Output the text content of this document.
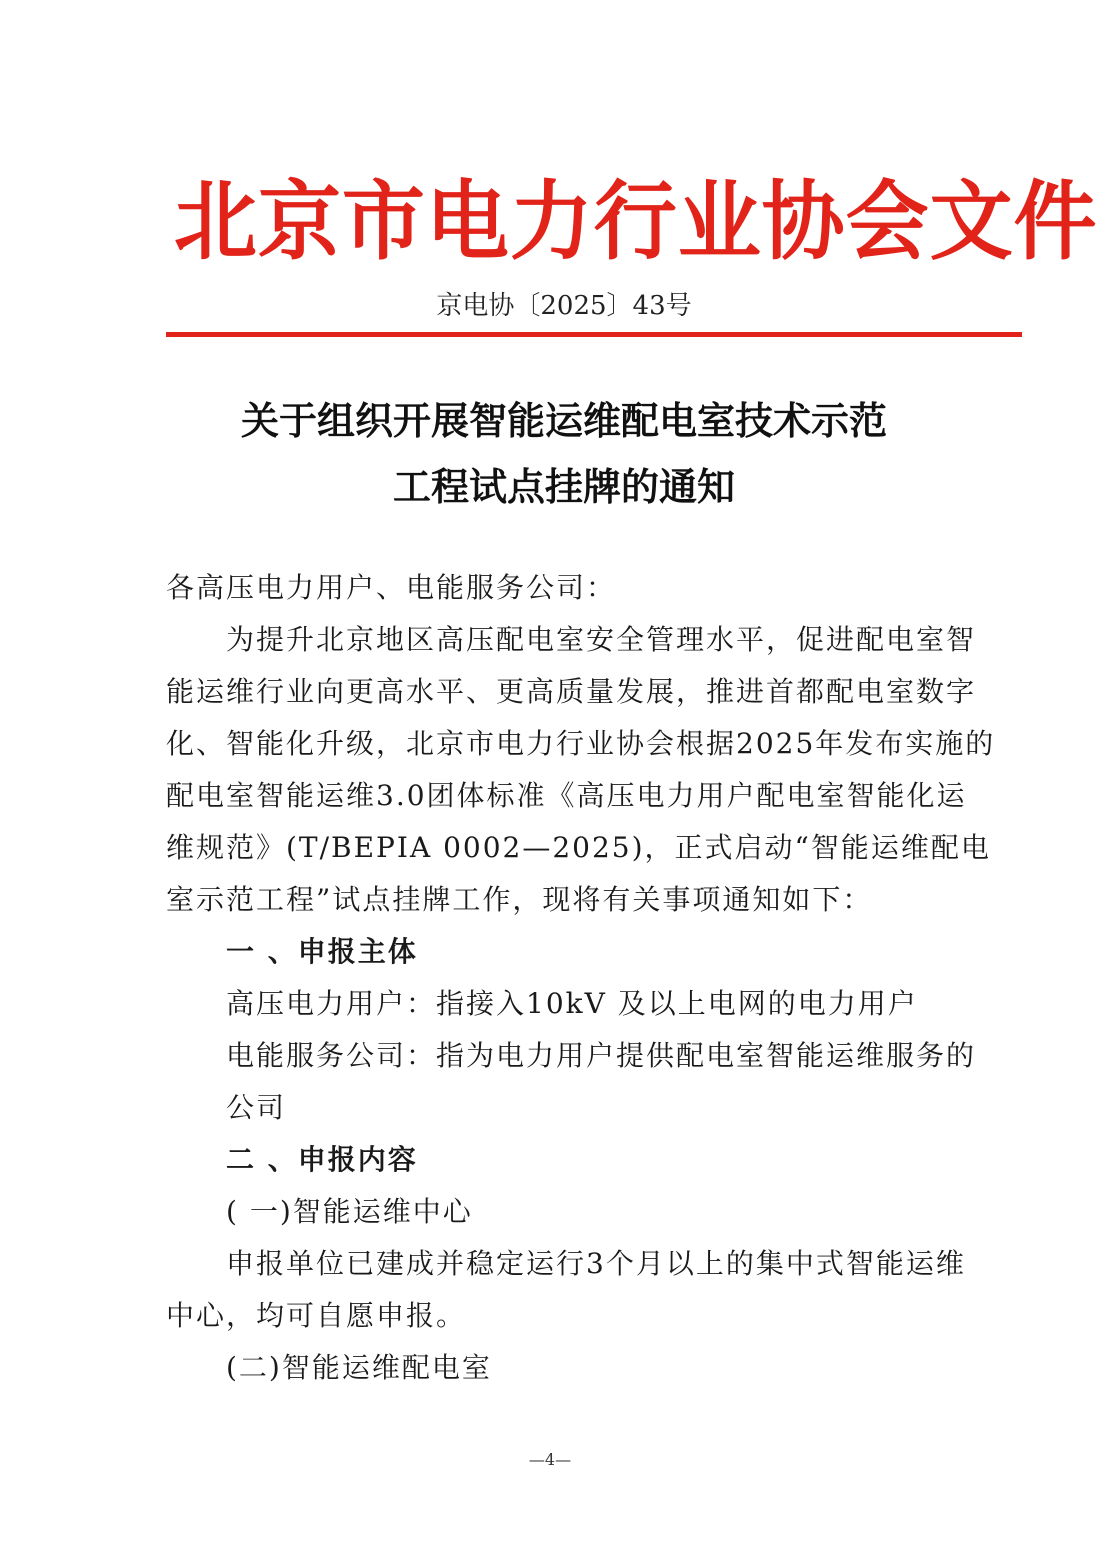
北京市电力行业协会文件
京电协〔2025〕43号
关于组织开展智能运维配电室技术示范
工程试点挂牌的通知
各高压电力用户、电能服务公司：
为提升北京地区高压配电室安全管理水平，促进配电室智
能运维行业向更高水平、更高质量发展，推进首都配电室数字
化、智能化升级，北京市电力行业协会根据2025年发布实施的
配电室智能运维3.0团体标准《高压电力用户配电室智能化运
维规范》(T/BEPIA 0002—2025)，正式启动“智能运维配电
室示范工程”试点挂牌工作，现将有关事项通知如下：
一 、申报主体
高压电力用户：指接入10kV 及以上电网的电力用户
电能服务公司：指为电力用户提供配电室智能运维服务的
公司
二 、申报内容
( 一)智能运维中心
申报单位已建成并稳定运行3个月以上的集中式智能运维
中心，均可自愿申报。
(二)智能运维配电室
—4—
